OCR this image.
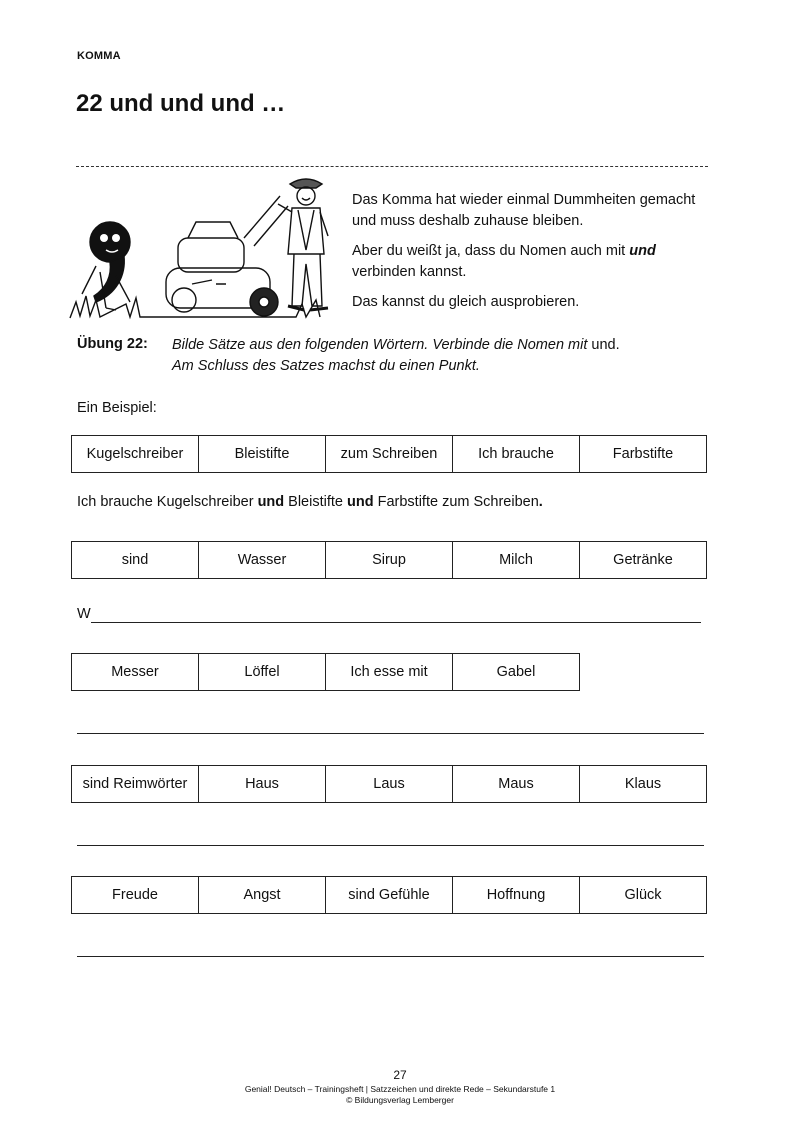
KOMMA
22 und und und …

Das Komma hat wieder einmal Dummheiten gemacht und muss deshalb zuhause bleiben.

Aber du weißt ja, dass du Nomen auch mit und verbinden kannst.

Das kannst du gleich ausprobieren.

Übung 22: Bilde Sätze aus den folgenden Wörtern. Verbinde die Nomen mit und.
Am Schluss des Satzes machst du einen Punkt.
Ein Beispiel:
Kugelschreiber	Bleistifte	zum Schreiben	Ich brauche	Farbstifte
Ich brauche Kugelschreiber und Bleistifte und Farbstifte zum Schreiben.
sind	Wasser	Sirup	Milch	Getränke
W
Messer	Löffel	Ich esse mit	Gabel
sind Reimwörter	Haus	Laus	Maus	Klaus
Freude	Angst	sind Gefühle	Hoffnung	Glück
27
Genial! Deutsch – Trainingsheft | Satzzeichen und direkte Rede – Sekundarstufe 1
© Bildungsverlag Lemberger
